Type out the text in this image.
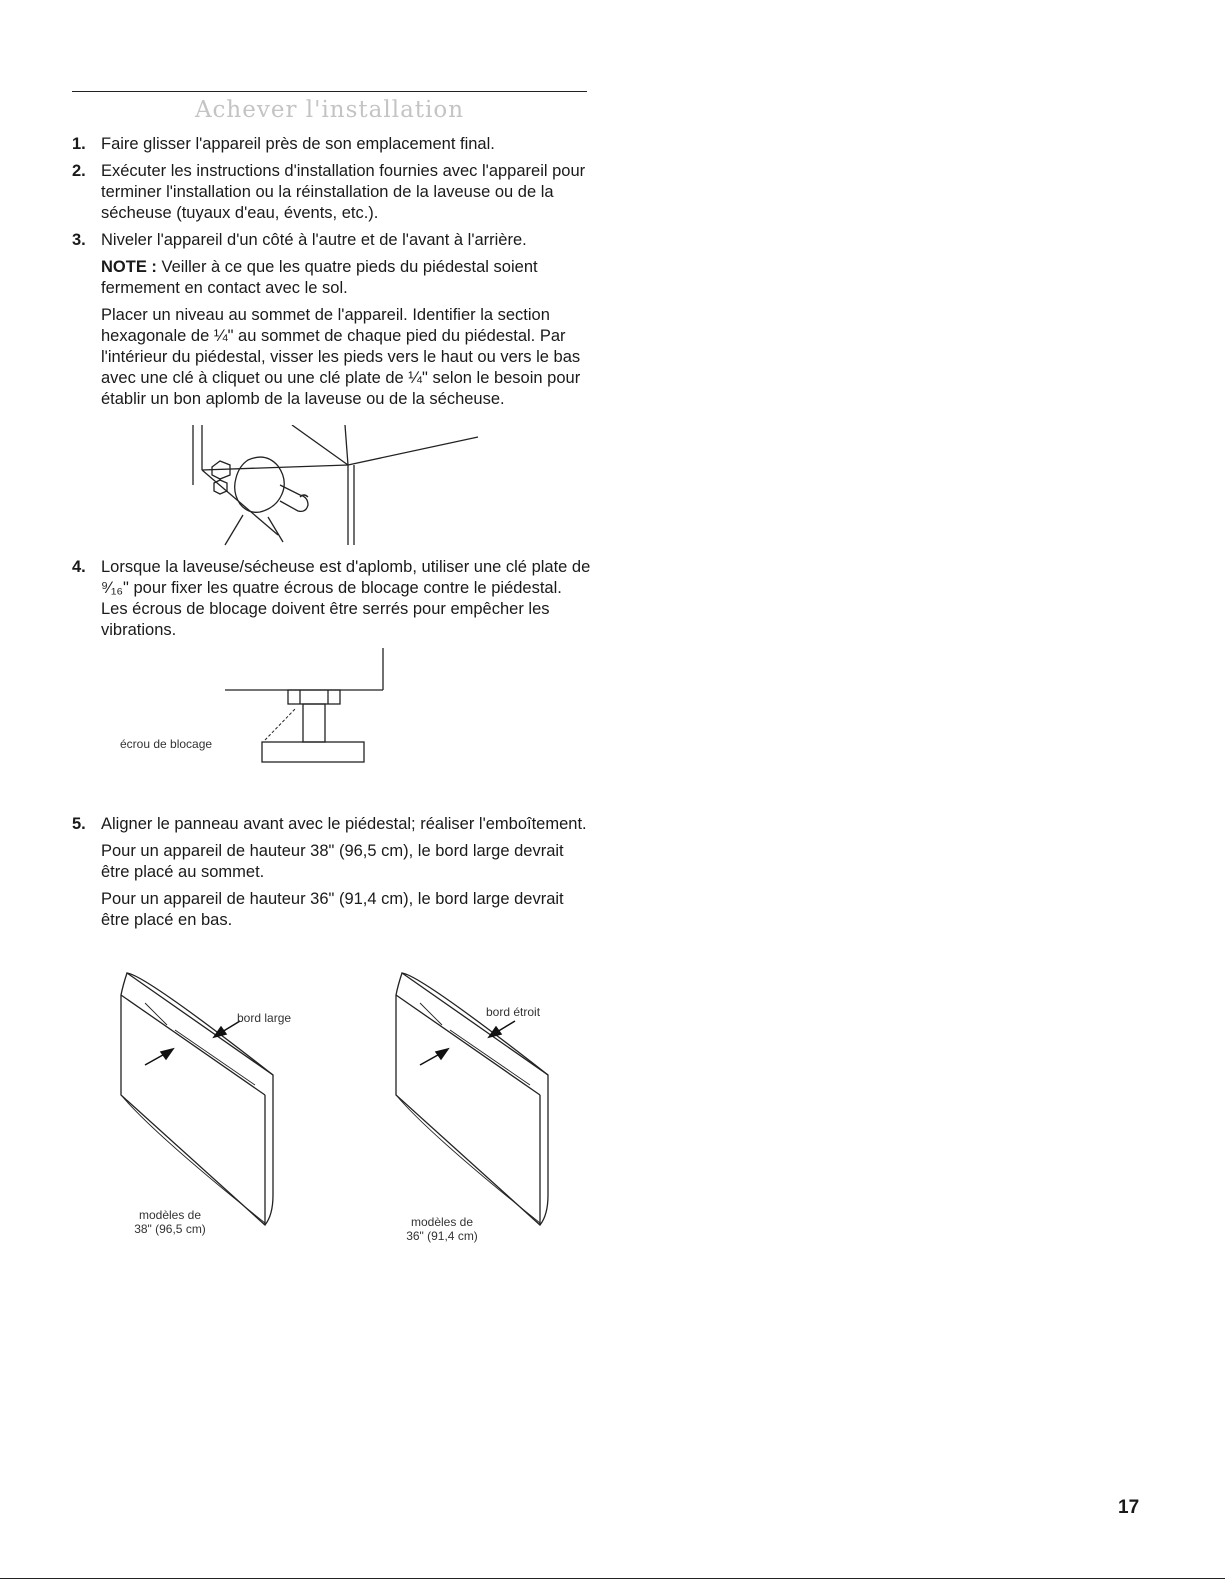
Achever l'installation
1. Faire glisser l'appareil près de son emplacement final.

2. Exécuter les instructions d'installation fournies avec l'appareil pour terminer l'installation ou la réinstallation de la laveuse ou de la sécheuse (tuyaux d'eau, évents, etc.).

3. Niveler l'appareil d'un côté à l'autre et de l'avant à l'arrière.

NOTE : Veiller à ce que les quatre pieds du piédestal soient fermement en contact avec le sol.

Placer un niveau au sommet de l'appareil. Identifier la section hexagonale de ¼" au sommet de chaque pied du piédestal. Par l'intérieur du piédestal, visser les pieds vers le haut ou vers le bas avec une clé à cliquet ou une clé plate de ¼" selon le besoin pour établir un bon aplomb de la laveuse ou de la sécheuse.

4. Lorsque la laveuse/sécheuse est d'aplomb, utiliser une clé plate de ⁹⁄₁₆" pour fixer les quatre écrous de blocage contre le piédestal. Les écrous de blocage doivent être serrés pour empêcher les vibrations.

écrou de blocage
5. Aligner le panneau avant avec le piédestal; réaliser l'emboîtement.

Pour un appareil de hauteur 38" (96,5 cm), le bord large devrait être placé au sommet.

Pour un appareil de hauteur 36" (91,4 cm), le bord large devrait être placé en bas.

bord large
modèles de
38" (96,5 cm)
bord étroit
modèles de
36" (91,4 cm)
17
